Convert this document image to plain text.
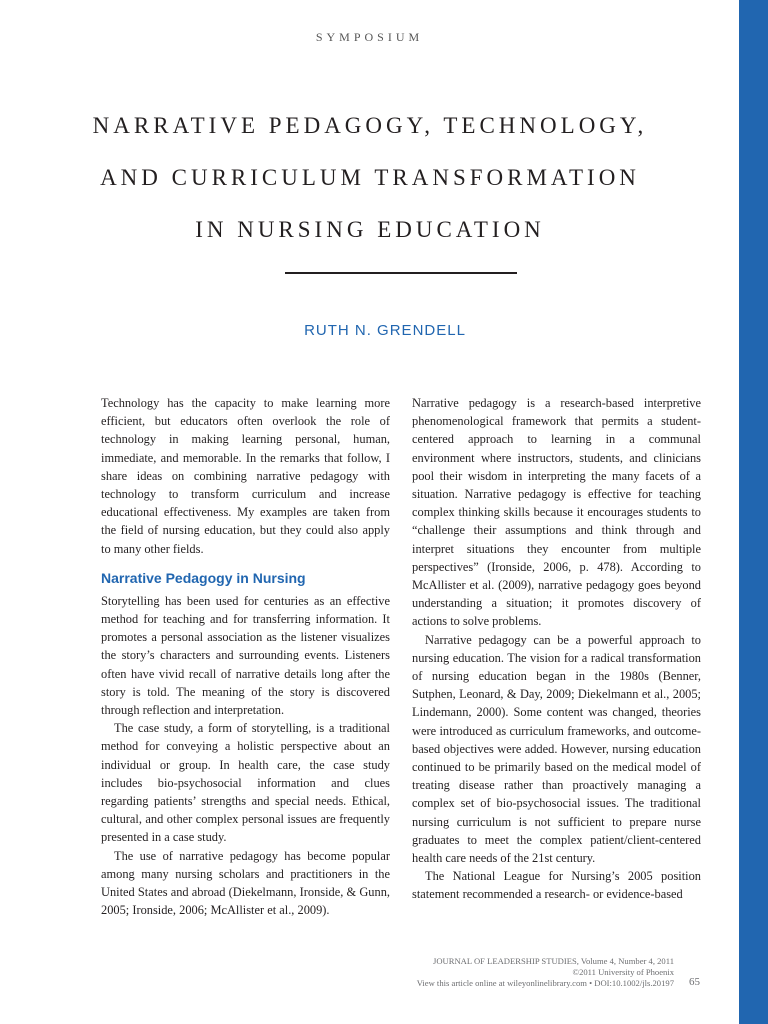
SYMPOSIUM
NARRATIVE PEDAGOGY, TECHNOLOGY,
AND CURRICULUM TRANSFORMATION
IN NURSING EDUCATION
RUTH N. GRENDELL

Technology has the capacity to make learning more efficient, but educators often overlook the role of technology in making learning personal, human, immediate, and memorable. In the remarks that follow, I share ideas on combining narrative pedagogy with technology to transform curriculum and increase educational effectiveness. My examples are taken from the field of nursing education, but they could also apply to many other fields.

Narrative Pedagogy in Nursing

Storytelling has been used for centuries as an effective method for teaching and for transferring information. It promotes a personal association as the listener visualizes the story’s characters and surrounding events. Listeners often have vivid recall of narrative details long after the story is told. The meaning of the story is discovered through reflection and interpretation.

The case study, a form of storytelling, is a traditional method for conveying a holistic perspective about an individual or group. In health care, the case study includes bio-psychosocial information and clues regarding patients’ strengths and special needs. Ethical, cultural, and other complex personal issues are frequently presented in a case study.

The use of narrative pedagogy has become popular among many nursing scholars and practitioners in the United States and abroad (Diekelmann, Ironside, & Gunn, 2005; Ironside, 2006; McAllister et al., 2009).

Narrative pedagogy is a research-based interpretive phenomenological framework that permits a student-centered approach to learning in a communal environment where instructors, students, and clinicians pool their wisdom in interpreting the many facets of a situation. Narrative pedagogy is effective for teaching complex thinking skills because it encourages students to “challenge their assumptions and think through and interpret situations they encounter from multiple perspectives” (Ironside, 2006, p. 478). According to McAllister et al. (2009), narrative pedagogy goes beyond understanding a situation; it promotes discovery of actions to solve problems.

Narrative pedagogy can be a powerful approach to nursing education. The vision for a radical transformation of nursing education began in the 1980s (Benner, Sutphen, Leonard, & Day, 2009; Diekelmann et al., 2005; Lindemann, 2000). Some content was changed, theories were introduced as curriculum frameworks, and outcome-based objectives were added. However, nursing education continued to be primarily based on the medical model of treating disease rather than proactively managing a complex set of bio-psychosocial issues. The traditional nursing curriculum is not sufficient to prepare nurse graduates to meet the complex patient/client-centered health care needs of the 21st century.

The National League for Nursing’s 2005 position statement recommended a research- or evidence-based

JOURNAL OF LEADERSHIP STUDIES, Volume 4, Number 4, 2011
©2011 University of Phoenix
View this article online at wileyonlinelibrary.com • DOI:10.1002/jls.20197 65
